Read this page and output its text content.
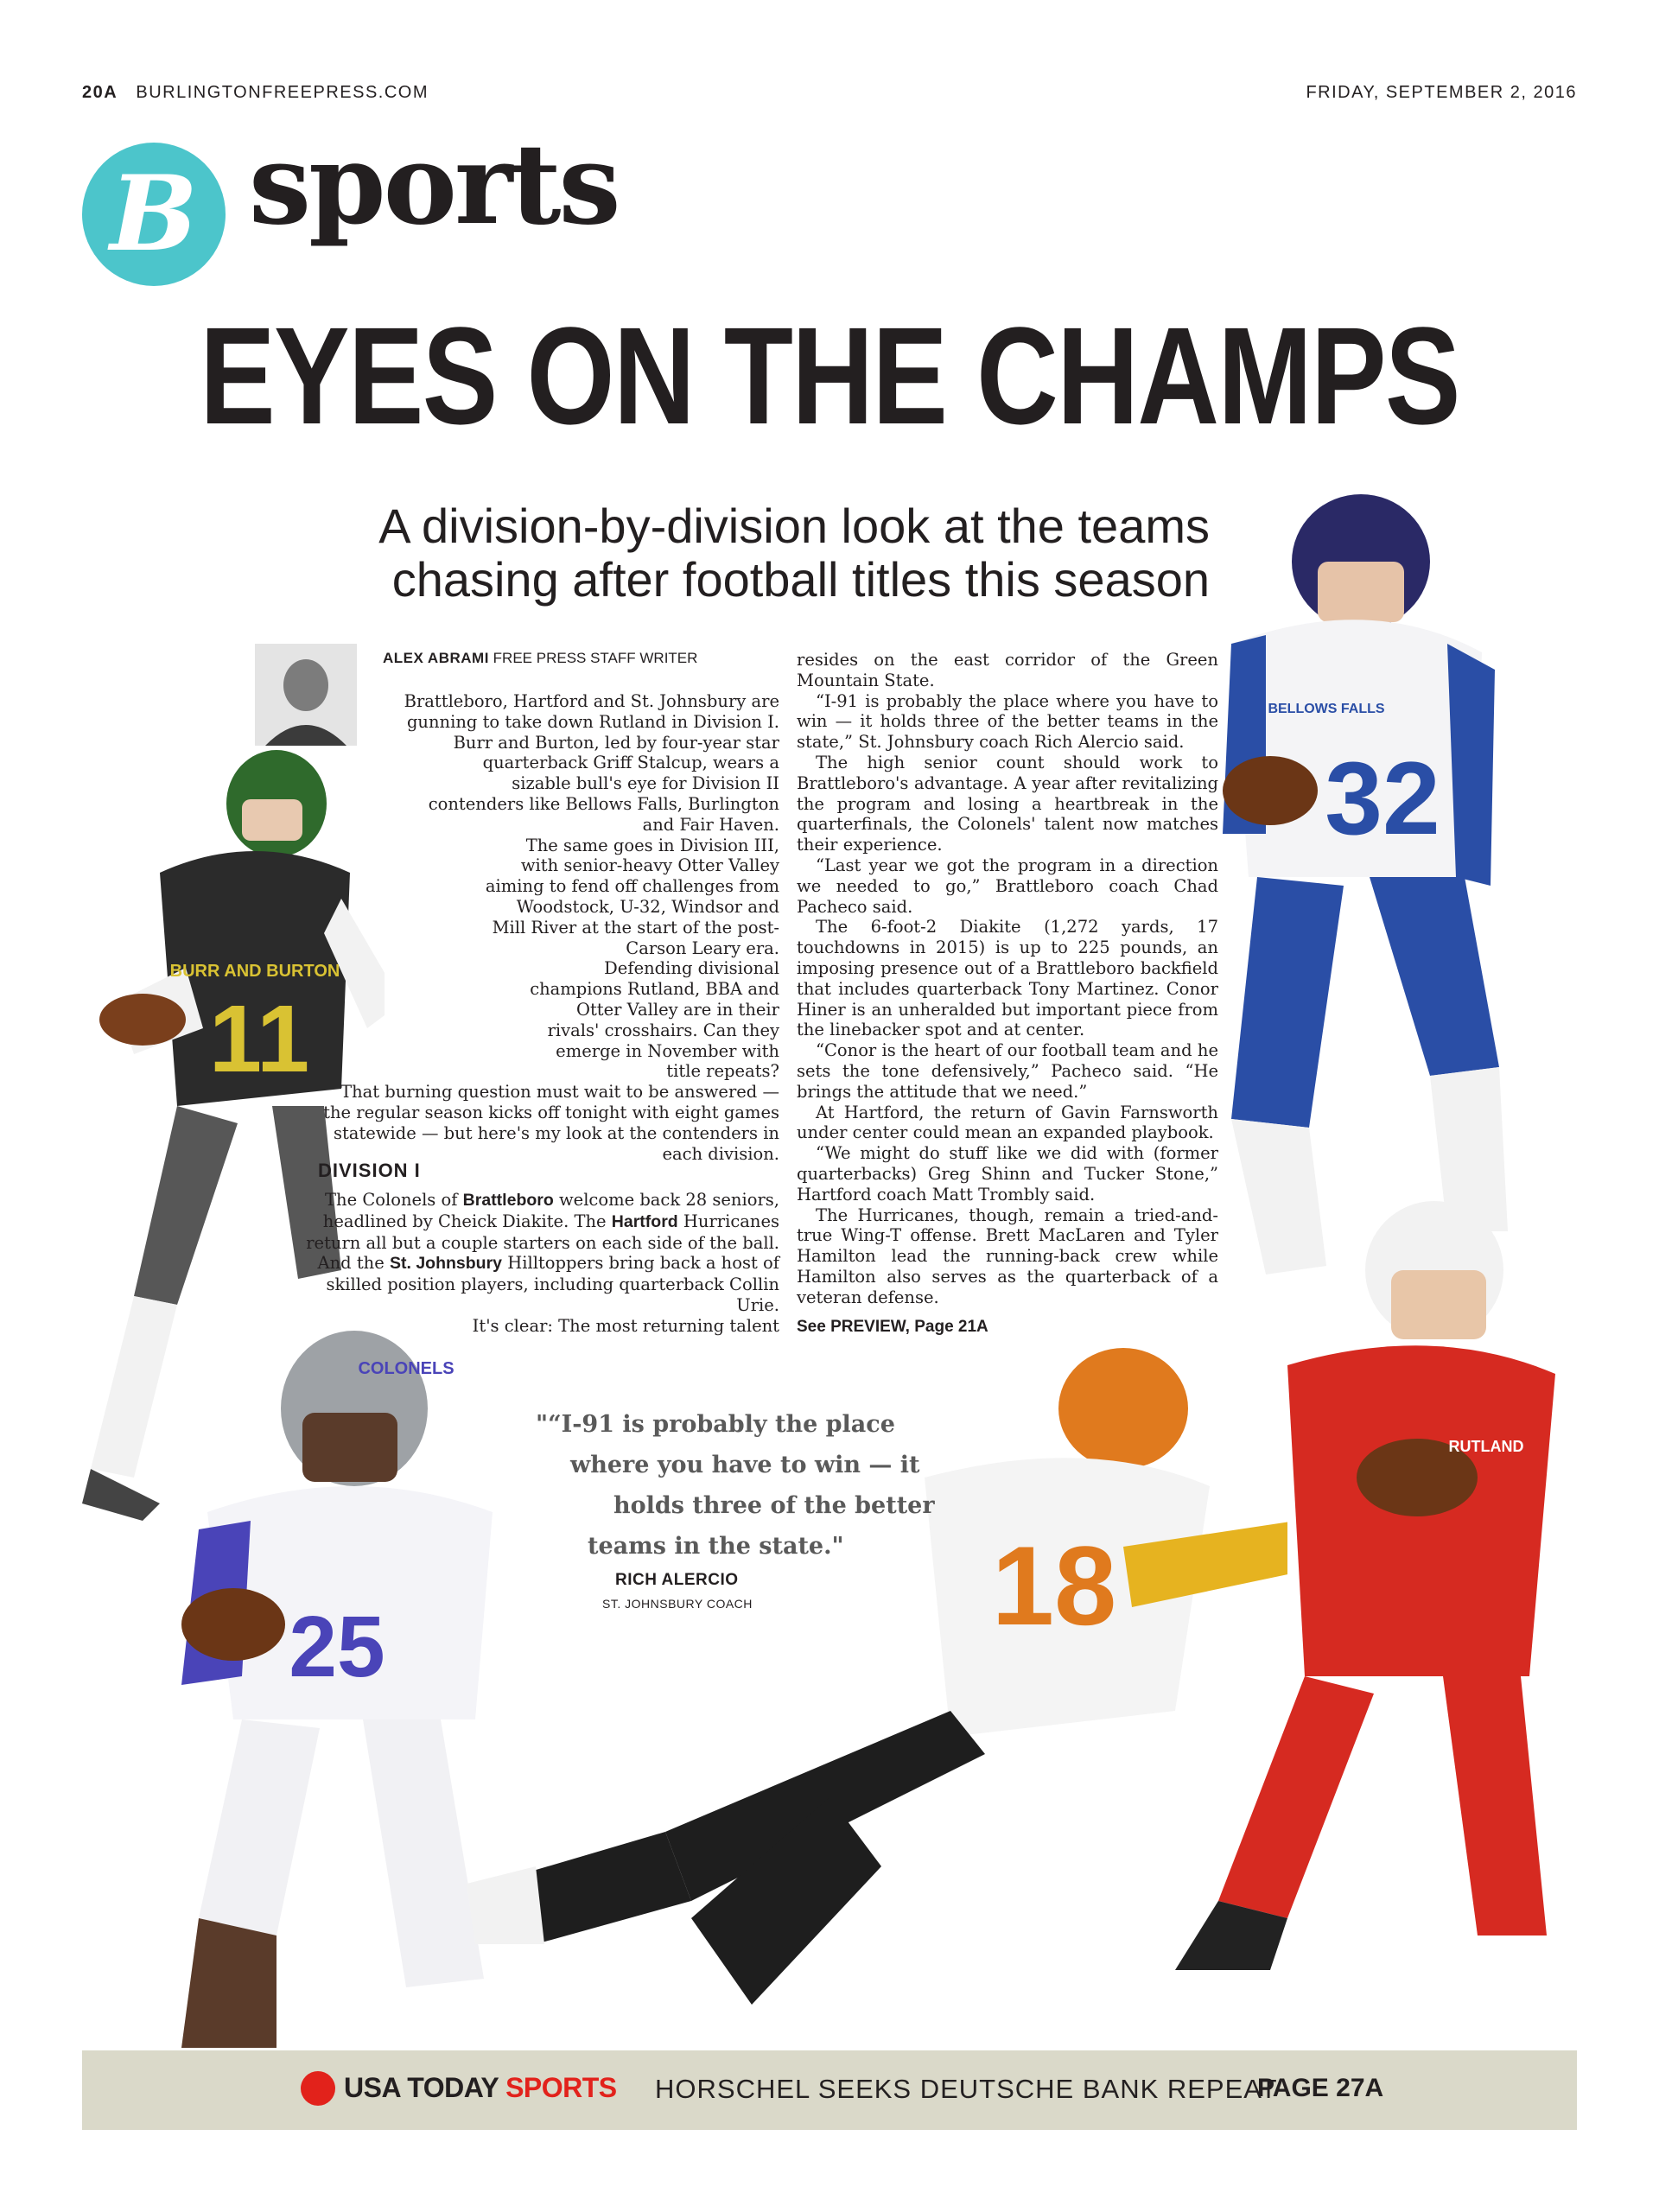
20A BURLINGTONFREEPRESS.COM	FRIDAY, SEPTEMBER 2, 2016
B sports
EYES ON THE CHAMPS
A division-by-division look at the teams
chasing after football titles this season
BURR AND BURTON
11
BELLOWS FALLS
32
COLONELS
25	18
RUTLAND
ALEX ABRAMI FREE PRESS STAFF WRITER

Brattleboro, Hartford and St. Johnsbury are gunning to take down Rutland in Division I.

Burr and Burton, led by four-year star quarterback Griff Stalcup, wears a sizable bull's eye for Division II contenders like Bellows Falls, Burlington and Fair Haven.

The same goes in Division III, with senior-heavy Otter Valley aiming to fend off challenges from Woodstock, U-32, Windsor and Mill River at the start of the post-Carson Leary era.

Defending divisional champions Rutland, BBA and Otter Valley are in their rivals' crosshairs. Can they emerge in November with title repeats?

That burning question must wait to be answered — the regular season kicks off tonight with eight games statewide — but here's my look at the contenders in each division.

DIVISION I

The Colonels of Brattleboro welcome back 28 seniors, headlined by Cheick Diakite. The Hartford Hurricanes return all but a couple starters on each side of the ball. And the St. Johnsbury Hilltoppers bring back a host of skilled position players, including quarterback Collin Urie.

It's clear: The most returning talent

resides on the east corridor of the Green Mountain State.

“I-91 is probably the place where you have to win — it holds three of the better teams in the state,” St. Johnsbury coach Rich Alercio said.

The high senior count should work to Brattleboro's advantage. A year after revitalizing the program and losing a heartbreak in the quarterfinals, the Colonels' talent now matches their experience.

“Last year we got the program in a direction we needed to go,” Brattleboro coach Chad Pacheco said.

The 6-foot-2 Diakite (1,272 yards, 17 touchdowns in 2015) is up to 225 pounds, an imposing presence out of a Brattleboro backfield that includes quarterback Tony Martinez. Conor Hiner is an unheralded but important piece from the linebacker spot and at center.

“Conor is the heart of our football team and he sets the tone defensively,” Pacheco said. “He brings the attitude that we need.”

At Hartford, the return of Gavin Farnsworth under center could mean an expanded playbook.

“We might do stuff like we did with (former quarterbacks) Greg Shinn and Tucker Stone,” Hartford coach Matt Trombly said.

The Hurricanes, though, remain a tried-and-true Wing-T offense. Brett MacLaren and Tyler Hamilton lead the running-back crew while Hamilton also serves as the quarterback of a veteran defense.

See PREVIEW, Page 21A
"“I-91 is probably the place
where you have to win — it
holds three of the better
teams in the state."
RICH ALERCIO
ST. JOHNSBURY COACH
USA TODAY SPORTS HORSCHEL SEEKS DEUTSCHE BANK REPEAT
PAGE 27A
